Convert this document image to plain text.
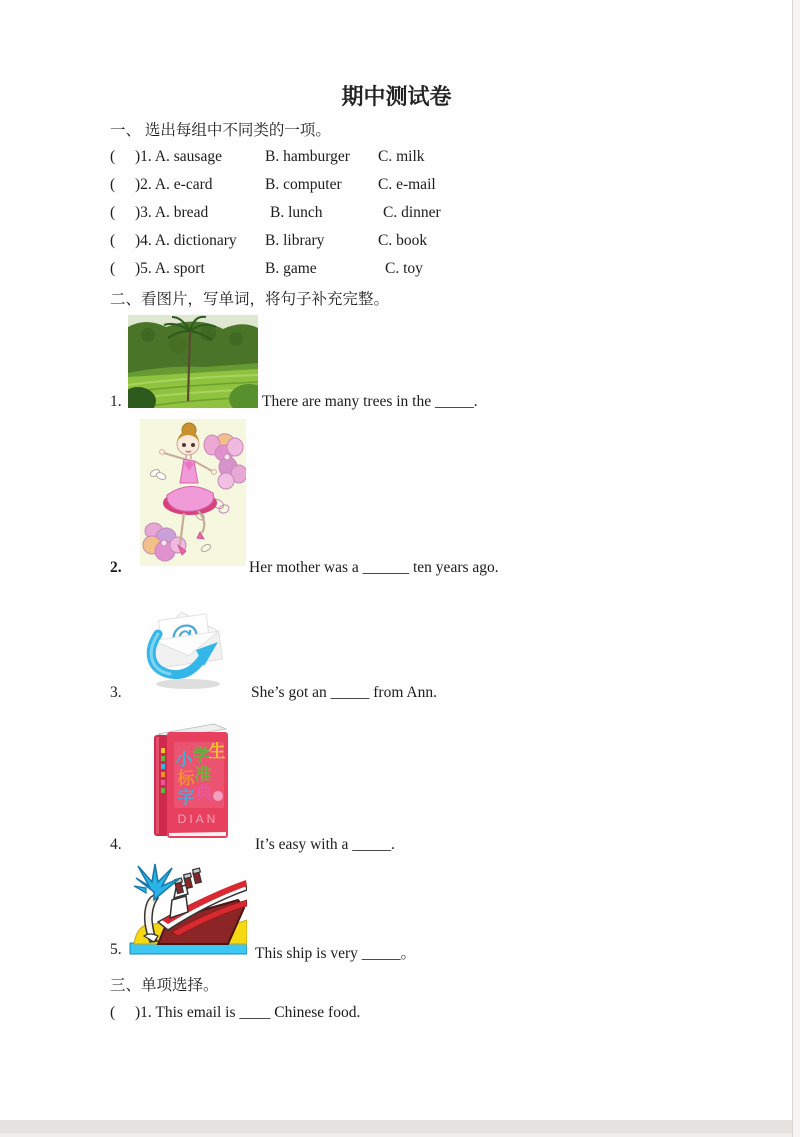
期中测试卷
一、 选出每组中不同类的一项。
(	)1. A. sausage	B. hamburger	C. milk
(	)2. A. e-card	B. computer	C. e-mail
(	)3. A. bread	B. lunch	C. dinner
(	)4. A. dictionary	B. library	C. book
(	)5. A. sport	B. game	C. toy
二、看图片，写单词，将句子补充完整。
1.	There are many trees in the _____.
2.	Her mother was a ______ ten years ago.
3.	She’s got an _____ from Ann.
小 学 生
标 准
字 典
DIAN
4.	It’s easy with a _____.
5.	This ship is very _____。
三、单项选择。
( )1. This email is ____ Chinese food.
